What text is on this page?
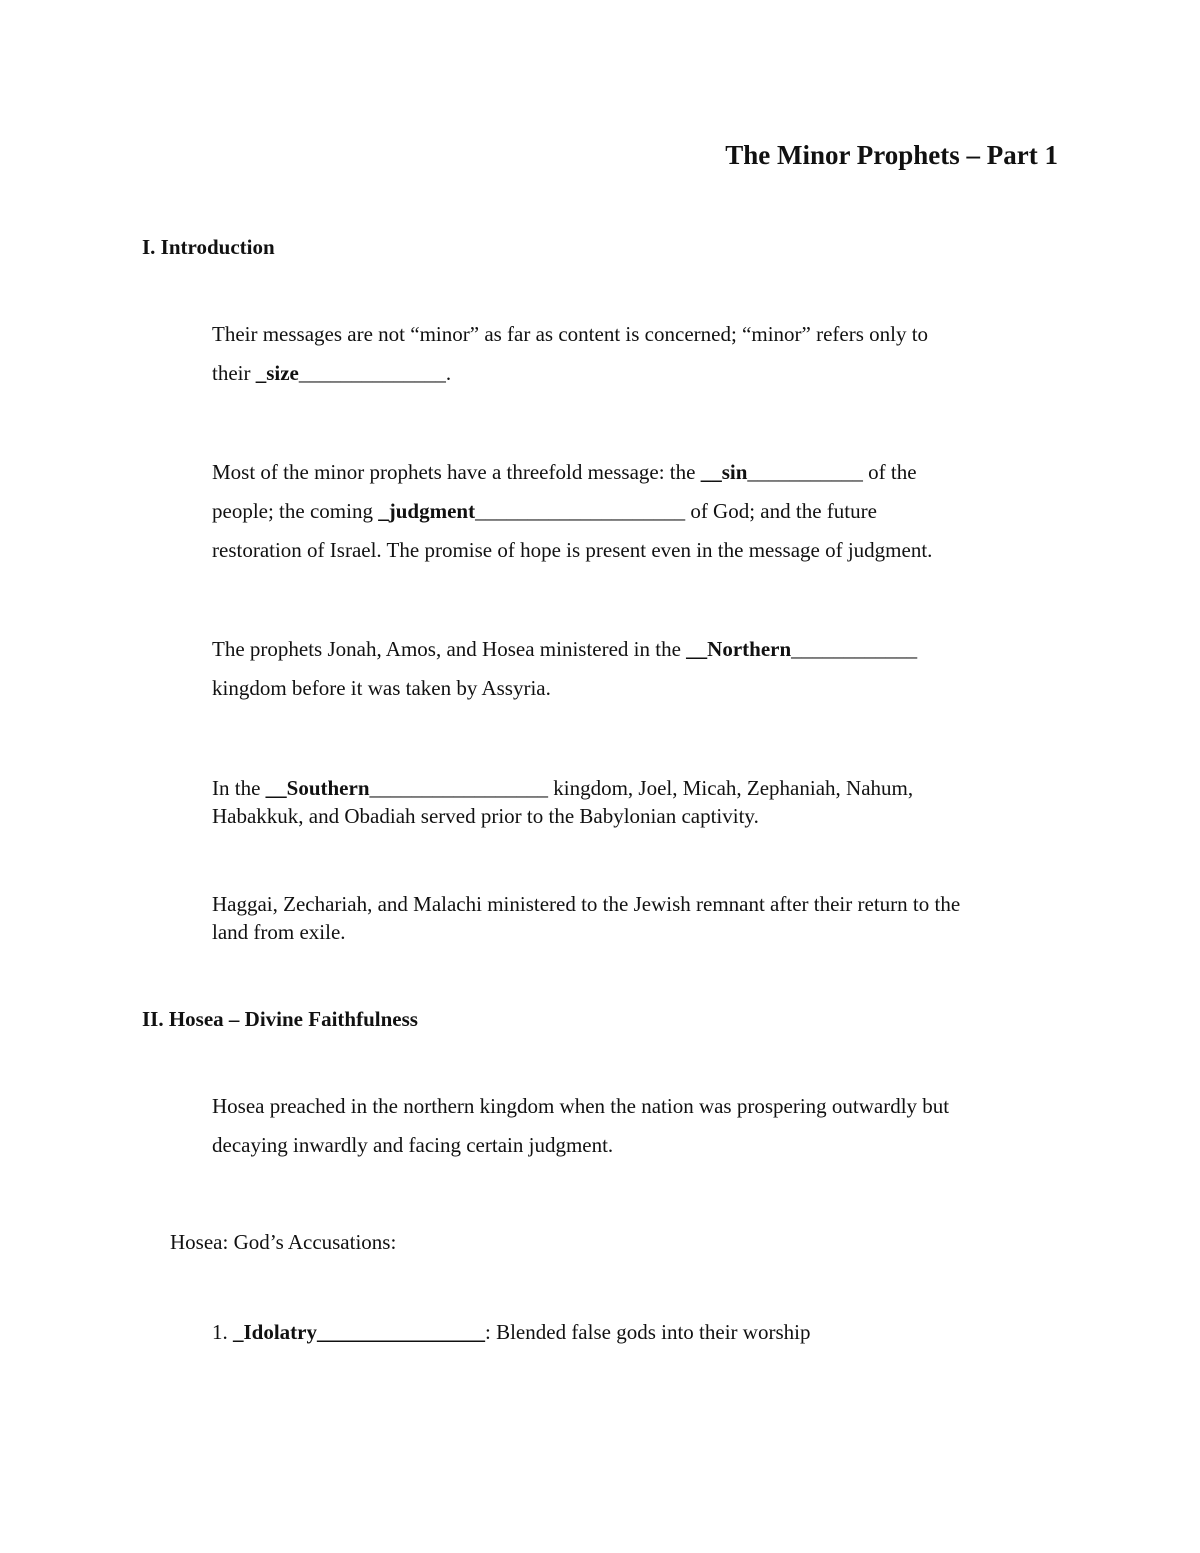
The Minor Prophets – Part 1
I. Introduction
Their messages are not “minor” as far as content is concerned; “minor” refers only to
their _size______________.
Most of the minor prophets have a threefold message: the __sin___________ of the
people; the coming _judgment____________________ of God; and the future
restoration of Israel. The promise of hope is present even in the message of judgment.
The prophets Jonah, Amos, and Hosea ministered in the __Northern____________
kingdom before it was taken by Assyria.
In the __Southern_________________ kingdom, Joel, Micah, Zephaniah, Nahum,
Habakkuk, and Obadiah served prior to the Babylonian captivity.
Haggai, Zechariah, and Malachi ministered to the Jewish remnant after their return to the
land from exile.
II. Hosea – Divine Faithfulness
Hosea preached in the northern kingdom when the nation was prospering outwardly but
decaying inwardly and facing certain judgment.
Hosea: God’s Accusations:
1. _Idolatry________________: Blended false gods into their worship
